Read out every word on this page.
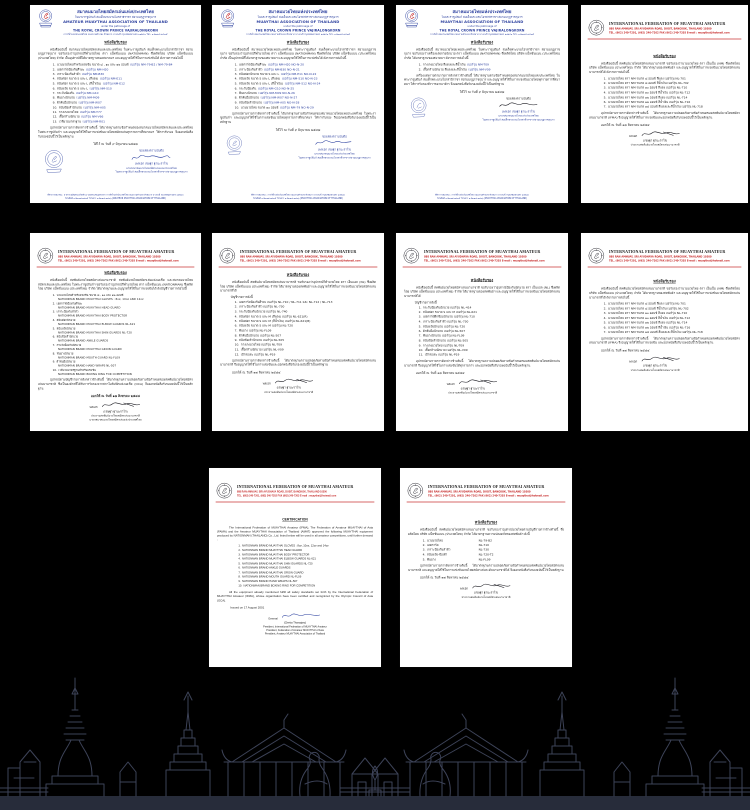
สมาคมมวยไทยสมัครเล่นแห่งประเทศไทย
ในพระราชูปถัมภ์ สมเด็จพระบรมโอรสาธิราชฯ สยามมกุฎราชกุมาร
AMATEUR MUAYTHAI ASSOCIATION OF THAILAND
under the patronage of
THE ROYAL CROWN PRINCE VAJIRALONGKORN
การกีฬาแห่งประเทศไทย ถนนรามคำแหง หัวหมาก บางกะปิ กรุงเทพมหานคร ๑๐๒๔๐ โทร. ๐-๒๓๑๘-๑๔๓๕
หนังสือรับรอง

หนังสือฉบับนี้ สมาคมมวยไทยสมัครเล่นแห่งประเทศไทย ในพระราชูปถัมภ์ สมเด็จพระบรมโอรสาธิราชฯ สยามมกุฎราชกุมาร ขอรับรองว่าอุปกรณ์กีฬามวยไทย ตรา แน็ทชั่นแมน (NATIONMAN) ซึ่งผลิตโดย บริษัท แน็ทชั่นแมน (ประเทศไทย) จำกัด เป็นอุปกรณ์ที่ได้มาตรฐานของสมาคมฯ และอนุญาตให้ใช้ในการแข่งขันได้ ดังรายการต่อไปนี้

นวมมวยไทยสำหรับแข่งขัน ขนาด ๘ , ๑๐ และ ๑๒ ออนซ์ เบอร์รุ่น NM-79-B2 / NM-79-B4
เฮดการ์ดป้องกันศีรษะ เบอร์รุ่น NM-H20
เกราะป้องกันลำตัว เบอร์รุ่น NM-B30
สนับศอก ขนาด S และ L (สีแดง) เบอร์รุ่น NM-E11
สนับศอก ขนาด S และ L (สีน้ำเงิน) เบอร์รุ่น NM-E12
สนับแข้ง ขนาด S และ L เบอร์รุ่น NM-S10
กระจับป้องกัน เบอร์รุ่น NM-G10
ฟันยางนักมวย เบอร์รุ่น NM-M09
ผ้าพันมือนักมวย เบอร์รุ่น NM-W07
สนับข้อเท้านักมวย เบอร์รุ่น NM-A05
กางเกงมวยไทย เบอร์รุ่น NM-T77
เสื้อกล้ามนักมวย เบอร์รุ่น NM-V66
เวทีมวยมาตรฐาน เบอร์รุ่น NM-R01

อุปกรณ์ตามรายการดังกล่าวข้างต้นนี้ ได้มาตรฐานตามข้อกำหนดของสมาคมมวยไทยสมัครเล่นแห่งประเทศไทย ในพระราชูปถัมภ์ฯ และอนุญาตให้ใช้ในการแข่งขันมวยไทยสมัครเล่นทุกรายการที่สมาคมฯ ให้การรับรอง จึงออกหนังสือรับรองฉบับนี้ไว้เป็นหลักฐาน

ให้ไว้ ณ วันที่ ๙ มิถุนายน ๒๕๔๗
ขอแสดงความนับถือ
(พลเอก เชษฐา ฐานะจาโร)
นายกสมาคมมวยไทยสมัครเล่นแห่งประเทศไทย
ในพระราชูปถัมภ์ สมเด็จพระบรมโอรสาธิราชฯ สยามมกุฎราชกุมาร
ที่ทำการสมาคม : อาคารเฉลิมพระเกียรติ ๗ รอบพระชนมพรรษา การกีฬาแห่งประเทศไทย ถนนรามคำแหง หัวหมาก บางกะปิ กรุงเทพมหานคร ๑๐๒๔๐
โทรศัพท์ ๐-๒๓๑๘-๑๔๓๕ โทรสาร ๐-๒๓๑๘-๑๔๓๖ (AMATEUR MUAYTHAI ASSOCIATION OF THAILAND)
สมาคมมวยไทยแห่งประเทศไทย
ในพระราชูปถัมภ์ สมเด็จพระบรมโอรสาธิราชฯ สยามมกุฎราชกุมาร
MUAYTHAI ASSOCIATION OF THAILAND
under the patronage of
THE ROYAL CROWN PRINCE VAJIRALONGKORN
การกีฬาแห่งประเทศไทย ถนนรามคำแหง หัวหมาก บางกะปิ กรุงเทพมหานคร ๑๐๒๔๐ โทร. ๐-๒๓๑๘-๑๔๓๕
หนังสือรับรอง

หนังสือฉบับนี้ สมาคมมวยไทยแห่งประเทศไทย ในพระราชูปถัมภ์ สมเด็จพระบรมโอรสาธิราชฯ สยามมกุฎราชกุมาร ขอรับรองว่าอุปกรณ์กีฬามวยไทย ตรา แน็ทชั่นแมน (NATIONMAN) ซึ่งผลิตโดย บริษัท แน็ทชั่นแมน (ประเทศไทย) จำกัด เป็นอุปกรณ์ที่ได้มาตรฐานของสมาคมฯ และอนุญาตให้ใช้ในการแข่งขันได้ ดังรายการต่อไปนี้

เฮดการ์ดป้องกันศีรษะ เบอร์รุ่น NM-H20 NO-N-20
เกราะป้องกันลำตัว เบอร์รุ่น NM-B30 NO-N-21
สนับศอกนักมวย ขนาด S และ L เบอร์รุ่น NM-E11 NO-N-22
สนับแข้ง ขนาด S และ L (สีแดง) เบอร์รุ่น NM-S10 NO-N-23
สนับแข้ง ขนาด S และ L (สีน้ำเงิน) เบอร์รุ่น NM-S12 NO-N-24
กระจับป้องกัน เบอร์รุ่น NM-G10 NO-N-25
ฟันยางนักมวย เบอร์รุ่น NM-M09 NO-N-26
ผ้าพันมือนักมวย เบอร์รุ่น NM-W07 NO-N-27
สนับข้อเท้านักมวย เบอร์รุ่น NM-A05 NO-N-28
นวมมวยไทย ขนาด ๑๐ ออนซ์ เบอร์รุ่น NM-79 NO-N-29

อุปกรณ์ตามรายการดังกล่าวข้างต้นนี้ ได้มาตรฐานตามข้อกำหนดของสมาคมมวยไทยแห่งประเทศไทย ในพระราชูปถัมภ์ฯ และอนุญาตให้ใช้ในการแข่งขันมวยไทยทุกรายการที่สมาคมฯ ให้การรับรอง จึงออกหนังสือรับรองฉบับนี้ไว้เป็นหลักฐาน

ให้ไว้ ณ วันที่ ๙ มิถุนายน ๒๕๔๗
ขอแสดงความนับถือ
(พลเอก เชษฐา ฐานะจาโร)
นายกสมาคมมวยไทยแห่งประเทศไทย
ในพระราชูปถัมภ์ สมเด็จพระบรมโอรสาธิราชฯ สยามมกุฎราชกุมาร
ที่ทำการสมาคม : การกีฬาแห่งประเทศไทย ถนนรามคำแหง หัวหมาก บางกะปิ กรุงเทพมหานคร ๑๐๒๔๐
โทรศัพท์ ๐-๒๓๑๘-๑๔๓๕ โทรสาร ๐-๒๓๑๘-๑๔๓๖ (MUAYTHAI ASSOCIATION OF THAILAND)
สมาคมมวยไทยแห่งประเทศไทย
ในพระราชูปถัมภ์ สมเด็จพระบรมโอรสาธิราชฯ สยามมกุฎราชกุมาร
MUAYTHAI ASSOCIATION OF THAILAND
under the patronage of
THE ROYAL CROWN PRINCE VAJIRALONGKORN
การกีฬาแห่งประเทศไทย ถนนรามคำแหง หัวหมาก บางกะปิ กรุงเทพมหานคร ๑๐๒๔๐ โทร. ๐-๒๓๑๘-๑๔๓๕
หนังสือรับรอง

หนังสือฉบับนี้ สมาคมมวยไทยแห่งประเทศไทย ในพระราชูปถัมภ์ สมเด็จพระบรมโอรสาธิราชฯ สยามมกุฎราชกุมาร ขอรับรองว่าเครื่องแต่งกายนักมวย ตรา แน็ทชั่นแมน (NATIONMAN) ซึ่งผลิตโดย บริษัท แน็ทชั่นแมน (ประเทศไทย) จำกัด ได้มาตรฐานของสมาคมฯ ดังรายการต่อไปนี้

กางเกงมวยไทย สีแดงและสีน้ำเงิน เบอร์รุ่น NM-T09
เสื้อกล้ามนักมวย สีแดงและสีน้ำเงิน เบอร์รุ่น NM-V09

เครื่องแต่งกายตามรายการดังกล่าวข้างต้นนี้ ได้มาตรฐานตามข้อกำหนดของสมาคมมวยไทยแห่งประเทศไทย ในพระราชูปถัมภ์ สมเด็จพระบรมโอรสาธิราชฯ สยามมกุฎราชกุมาร และอนุญาตให้ใช้ในการแข่งขันมวยไทยทุกรายการที่สมาคมฯ ให้การรับรองทั่วราชอาณาจักร จึงออกหนังสือรับรองฉบับนี้ไว้เป็นหลักฐาน

ให้ไว้ ณ วันที่ ๙ มิถุนายน ๒๕๔๗
ขอแสดงความนับถือ
(พลเอก เชษฐา ฐานะจาโร)
นายกสมาคมมวยไทยแห่งประเทศไทย
ในพระราชูปถัมภ์ สมเด็จพระบรมโอรสาธิราชฯ สยามมกุฎราชกุมาร
ที่ทำการสมาคม : การกีฬาแห่งประเทศไทย ถนนรามคำแหง หัวหมาก บางกะปิ กรุงเทพมหานคร ๑๐๒๔๐
โทรศัพท์ ๐-๒๓๑๘-๑๔๓๕ โทรสาร ๐-๒๓๑๘-๑๔๓๖ (MUAYTHAI ASSOCIATION OF THAILAND)
INTERNATIONAL FEDERATION OF MUAYTHAI AMATEUR
888 RAN AMNUAY, SRI AYUDHAYA ROAD, DUSIT, BANGKOK, THAILAND 10300
TEL. (662) 240-7201, (662) 240-7202 FAX (662) 240-7203 E-mail : muaythai@hotmail.com
หนังสือรับรอง

หนังสือฉบับนี้ สหพันธ์มวยไทยสมัครเล่นนานาชาติ ขอรับรองว่านวมมวยไทย ตรา เอ็นเอ็ม (NM) ซึ่งผลิตโดย บริษัท แน็ทชั่นแมน (ประเทศไทย) จำกัด ได้มาตรฐานของสหพันธ์ฯ และอนุญาตให้ใช้ในการแข่งขันมวยไทยสมัครเล่นนานาชาติได้ ดังรายการต่อไปนี้

นวมมวยไทย ตรา NM ขนาด ๘ ออนซ์ สีแดง เบอร์รุ่น NL-701
นวมมวยไทย ตรา NM ขนาด ๘ ออนซ์ สีน้ำเงิน เบอร์รุ่น NL-702
นวมมวยไทย ตรา NM ขนาด ๑๐ ออนซ์ สีแดง เบอร์รุ่น NL-710
นวมมวยไทย ตรา NM ขนาด ๑๐ ออนซ์ สีน้ำเงิน เบอร์รุ่น NL-712
นวมมวยไทย ตรา NM ขนาด ๑๒ ออนซ์ สีแดง เบอร์รุ่น NL-714
นวมมวยไทย ตรา NM ขนาด ๑๒ ออนซ์ สีน้ำเงิน เบอร์รุ่น NL-716
นวมมวยไทย ตรา NM ขนาด ๑๔ ออนซ์ สีแดงและสีน้ำเงิน เบอร์รุ่น NL-718

อุปกรณ์ตามรายการดังกล่าวข้างต้นนี้ ได้มาตรฐานความปลอดภัยตามข้อกำหนดของสหพันธ์มวยไทยสมัครเล่นนานาชาติ (IFMA) จึงอนุญาตให้ใช้ในการแข่งขันและออกหนังสือรับรองฉบับนี้ไว้เป็นหลักฐาน

ออกให้ ณ วันที่ ๑๗ สิงหาคม ๒๕๔๔
พลเอก
(เชษฐา ฐานะจาโร)
ประธานสหพันธ์มวยไทยสมัครเล่นนานาชาติ
INTERNATIONAL FEDERATION OF MUAYTHAI AMATEUR
888 RAN AMNUAY, SRI AYUDHAYA ROAD, DUSIT, BANGKOK, THAILAND 10300
TEL. (662) 240-7201, (662) 240-7202 FAX (662) 240-7203 E-mail : muaythai@hotmail.com
หนังสือรับรอง

หนังสือฉบับนี้ สหพันธ์มวยไทยสมัครเล่นนานาชาติ สหพันธ์มวยไทยสมัครเล่นแห่งเอเชีย และสมาคมมวยไทยสมัครเล่นแห่งประเทศไทย ในพระราชูปถัมภ์ฯ ขอรับรองว่าอุปกรณ์กีฬามวยไทย ตรา แน็ทชั่นแมน (NATIONMAN) ซึ่งผลิตโดย บริษัท แน็ทชั่นแมน (ประเทศไทย) จำกัด ได้มาตรฐานและอนุญาตให้ใช้ในการแข่งขันได้ ดังบัญชีรายการต่อไปนี้

นวมมวยไทยสำหรับแข่งขัน ขนาด ๘ , ๑๐ และ ๑๒ ออนซ์
NATIONMAN BRAND MUAYTHAI GLOVES : 8oz, 10oz AND 12oz
เฮดการ์ดป้องกันศีรษะ
NATIONMAN BRAND MUAYTHAI HEAD GUARD
เกราะป้องกันลำตัว
NATIONMAN BRAND MUAYTHAI BODY PROTECTOR
สนับศอกนักมวย
NATIONMAN BRAND MUAYTHAI ELBOW GUARDS NL-621
สนับแข้งนักมวย
NATIONMAN BRAND MUAYTHAI SHIN GUARDS NL-720
สนับข้อเท้านักมวย
NATIONMAN BRAND ANKLE GUARDS
กระจับป้องกันนักมวย
NATIONMAN BRAND MUAYTHAI GROIN GUARD
ฟันยางนักมวย
NATIONMAN BRAND MOUTH GUARD NL-FL09
ผ้าพันมือนักมวย
NATIONMAN BRAND HAND WRAPS NL-507
เวทีมวยมาตรฐานสำหรับแข่งขัน
NATIONMAN BRAND BOXING RING FOR COMPETITION

อุปกรณ์ตามบัญชีรายการดังกล่าวข้างต้นนี้ ได้มาตรฐานความปลอดภัยตามข้อกำหนดของสหพันธ์มวยไทยสมัครเล่นนานาชาติ ซึ่งเป็นองค์กรที่ได้รับการรับรองจากสภาโอลิมปิกแห่งเอเชีย (OCA) จึงออกหนังสือรับรองฉบับนี้ไว้เป็นหลักฐาน

ออกให้ ณ วันที่ ๑๗ สิงหาคม ๒๕๔๔
พลเอก
(เชษฐา ฐานะจาโร)
ประธานสหพันธ์มวยไทยสมัครเล่นนานาชาติ
นายกสมาคมมวยไทยสมัครเล่นแห่งประเทศไทย
INTERNATIONAL FEDERATION OF MUAYTHAI AMATEUR
888 RAN AMNUAY, SRI AYUDHAYA ROAD, DUSIT, BANGKOK, THAILAND 10300
TEL. (662) 240-7201, (662) 240-7202 FAX (662) 240-7203 E-mail : muaythai@hotmail.com
หนังสือรับรอง

หนังสือฉบับนี้ สหพันธ์มวยไทยสมัครเล่นนานาชาติ ขอรับรองว่าอุปกรณ์กีฬามวยไทย ตรา เอ็นแอล (NL) ซึ่งผลิตโดย บริษัท แน็ทชั่นแมน (ประเทศไทย) จำกัด ได้มาตรฐานของสหพันธ์ฯ และอนุญาตให้ใช้ในการแข่งขันมวยไทยสมัครเล่นนานาชาติได้

บัญชีรายการดังนี้
เฮดการ์ดป้องกันศีรษะ เบอร์รุ่น NL-710 / NL-711 และ NL-712 / NL-713
เกราะป้องกันลำตัว เบอร์รุ่น NL-730
กระจับป้องกันนักมวย เบอร์รุ่น NL-740
สนับศอก ขนาด S และ M (สีแดง) เบอร์รุ่น NL-621(R)
สนับศอก ขนาด S และ M (สีน้ำเงิน) เบอร์รุ่น NL-621(B)
สนับแข้ง ขนาด S และ M เบอร์รุ่น NL-720
ฟันยาง เบอร์รุ่น NL-FL09
ผ้าพันมือนักมวย เบอร์รุ่น NL-507
สนับข้อเท้านักมวย เบอร์รุ่น NL-505
กางเกงมวยไทย เบอร์รุ่น NL-T09
เสื้อกล้ามนักมวย เบอร์รุ่น NL-V09
เป้าล่อเตะ เบอร์รุ่น NL-P19

อุปกรณ์ตามรายการดังกล่าวข้างต้นนี้ ได้มาตรฐานความปลอดภัยตามข้อกำหนดของสหพันธ์มวยไทยสมัครเล่นนานาชาติ จึงอนุญาตให้ใช้ในการแข่งขันและออกหนังสือรับรองฉบับนี้ไว้เป็นหลักฐาน

ออกให้ ณ วันที่ ๑๗ สิงหาคม ๒๕๔๔
พลเอก
(เชษฐา ฐานะจาโร)
ประธานสหพันธ์มวยไทยสมัครเล่นนานาชาติ
INTERNATIONAL FEDERATION OF MUAYTHAI AMATEUR
888 RAN AMNUAY, SRI AYUDHAYA ROAD, DUSIT, BANGKOK, THAILAND 10300
TEL. (662) 240-7201, (662) 240-7202 FAX (662) 240-7203 E-mail : muaythai@hotmail.com
หนังสือรับรอง

หนังสือฉบับนี้ สหพันธ์มวยไทยสมัครเล่นนานาชาติ ขอรับรองว่าอุปกรณ์ป้องกันนักมวย ตรา เอ็นแอล (NL) ซึ่งผลิตโดย บริษัท แน็ทชั่นแมน (ประเทศไทย) จำกัด ได้มาตรฐานของสหพันธ์ฯ และอนุญาตให้ใช้ในการแข่งขันมวยไทยสมัครเล่นนานาชาติได้

บัญชีรายการดังนี้
กระจับป้องกันนักมวย เบอร์รุ่น NL-414
สนับศอก ขนาด S และ M เบอร์รุ่น NL-621
เฮดการ์ดฝึกซ้อมนักมวย เบอร์รุ่น NL-710
เกราะป้องกันลำตัว เบอร์รุ่น NL-730
สนับแข้งนักมวย เบอร์รุ่น NL-720
ผ้าพันมือนักมวย เบอร์รุ่น NL-507
ฟันยางนักมวย เบอร์รุ่น NL-FL09
สนับข้อเท้านักมวย เบอร์รุ่น NL-505
กางเกงมวยไทย เบอร์รุ่น NL-T09
เสื้อกล้ามนักมวย เบอร์รุ่น NL-V09
เป้าล่อเตะ เบอร์รุ่น NL-P19

อุปกรณ์ตามรายการดังกล่าวข้างต้นนี้ ได้มาตรฐานความปลอดภัยตามข้อกำหนดของสหพันธ์มวยไทยสมัครเล่นนานาชาติ จึงอนุญาตให้ใช้ในการแข่งขันได้ทุกรายการ และออกหนังสือรับรองฉบับนี้ไว้เป็นหลักฐาน

ออกให้ ณ วันที่ ๑๗ สิงหาคม ๒๕๔๔
พลเอก
(เชษฐา ฐานะจาโร)
ประธานสหพันธ์มวยไทยสมัครเล่นนานาชาติ
INTERNATIONAL FEDERATION OF MUAYTHAI AMATEUR
888 RAN AMNUAY, SRI AYUDHAYA ROAD, DUSIT, BANGKOK, THAILAND 10300
TEL. (662) 240-7201, (662) 240-7202 FAX (662) 240-7203 E-mail : muaythai@hotmail.com
หนังสือรับรอง

หนังสือฉบับนี้ สหพันธ์มวยไทยสมัครเล่นนานาชาติ ขอรับรองว่านวมมวยไทย ตรา เอ็นเอ็ม (NM) ซึ่งผลิตโดย บริษัท แน็ทชั่นแมน (ประเทศไทย) จำกัด ได้มาตรฐานของสหพันธ์ฯ และอนุญาตให้ใช้ในการแข่งขันมวยไทยสมัครเล่นนานาชาติได้ ดังรายการต่อไปนี้

นวมมวยไทย ตรา NM ขนาด ๘ ออนซ์ สีแดง เบอร์รุ่น NL-701
นวมมวยไทย ตรา NM ขนาด ๘ ออนซ์ สีน้ำเงิน เบอร์รุ่น NL-702
นวมมวยไทย ตรา NM ขนาด ๑๐ ออนซ์ สีแดง เบอร์รุ่น NL-710
นวมมวยไทย ตรา NM ขนาด ๑๐ ออนซ์ สีน้ำเงิน เบอร์รุ่น NL-712
นวมมวยไทย ตรา NM ขนาด ๑๒ ออนซ์ สีแดง เบอร์รุ่น NL-714
นวมมวยไทย ตรา NM ขนาด ๑๒ ออนซ์ สีน้ำเงิน เบอร์รุ่น NL-716
นวมมวยไทย ตรา NM ขนาด ๑๔ ออนซ์ สีแดงและสีน้ำเงิน เบอร์รุ่น NL-718

อุปกรณ์ตามรายการดังกล่าวข้างต้นนี้ ได้มาตรฐานความปลอดภัยตามข้อกำหนดของสหพันธ์มวยไทยสมัครเล่นนานาชาติ (IFMA) จึงอนุญาตให้ใช้ในการแข่งขัน และออกหนังสือรับรองฉบับนี้ไว้เป็นหลักฐาน

ออกให้ ณ วันที่ ๑๗ สิงหาคม ๒๕๔๔
พลเอก
(เชษฐา ฐานะจาโร)
ประธานสหพันธ์มวยไทยสมัครเล่นนานาชาติ
INTERNATIONAL FEDERATION OF MUAYTHAI AMATEUR
888 RAN AMNUAY, SRI AYUDHAYA ROAD, DUSIT, BANGKOK, THAILAND 10300
TEL. (662) 240-7201, (662) 240-7202 FAX (662) 240-7203 E-mail : muaythai@hotmail.com
CERTIFICATION

The International Federation of MUAYTHAI Amateur (IFMA), The Federation of Amateur MUAYTHAI of Asia (FAMA) and the Amateur MUAYTHAI Association of Thailand (AMAT) approved the following MUAYTHAI equipment produced by NATIONMAN (THAILAND) Co., Ltd. listed below will be used in all amateur competitions, until further demand :

NATIONMAN BRAND MUAYTHAI GLOVES : 8oz, 10oz, 12oz and 14oz
NATIONMAN BRAND MUAYTHAI HEAD GUARD
NATIONMAN BRAND MUAYTHAI BODY PROTECTOR
NATIONMAN BRAND MUAYTHAI ELBOW GUARDS NL-621
NATIONMAN BRAND MUAYTHAI SHIN GUARDS NL-720
NATIONMAN BRAND ANKLE GUARDS
NATIONMAN BRAND MUAYTHAI GROIN GUARD
NATIONMAN BRAND MOUTH GUARD NL-FL09
NATIONMAN BRAND HAND WRAPS NL-507
NATIONMAN BRAND BOXING RING FOR COMPETITION

All the equipment already mentioned fulfill all safety standards set forth by the International Federation of MUAYTHAI Amateur (IFMA), whose organization have been certified and recognized by the Olympic Council of Asia (OCA).

Issued on 17 August 2001
General
(Chetta Thanajaro)
President, International Federation of MUAYTHAI Amateur
President, Federation of Amateur MUAYTHAI of Asia
President, Amateur MUAYTHAI Association of Thailand
INTERNATIONAL FEDERATION OF MUAYTHAI AMATEUR
888 RAN AMNUAY, SRI AYUDHAYA ROAD, DUSIT, BANGKOK, THAILAND 10300
TEL. (662) 240-7201, (662) 240-7202 FAX (662) 240-7203 E-mail : muaythai@hotmail.com
หนังสือรับรอง

หนังสือฉบับนี้ สหพันธ์มวยไทยสมัครเล่นนานาชาติ ขอรับรองว่าอุปกรณ์มวยไทยตามบัญชีรายการข้างท้ายนี้ ซึ่งผลิตโดย บริษัท แน็ทชั่นแมน (ประเทศไทย) จำกัด ได้มาตรฐานความปลอดภัยของสหพันธ์ฯ ดังนี้

นวมมวยไทย	NL-79-B2
เฮดการ์ด	NL-710
เกราะป้องกันลำตัว	NL-730
สนับแข้ง-ข้อเท้า	NL-720-T2
ฟันยาง	NL-FL09

อุปกรณ์ตามรายการดังกล่าวข้างต้นนี้ ได้มาตรฐานความปลอดภัยตามข้อกำหนดของสหพันธ์มวยไทยสมัครเล่นนานาชาติ และอนุญาตให้ใช้ในการแข่งขันมวยไทยสมัครเล่นระดับนานาชาติได้ จึงออกหนังสือรับรองฉบับนี้ไว้เป็นหลักฐาน

ออกให้ ณ วันที่ ๑๗ สิงหาคม ๒๕๔๔
พลเอก
(เชษฐา ฐานะจาโร)
ประธานสหพันธ์มวยไทยสมัครเล่นนานาชาติ
